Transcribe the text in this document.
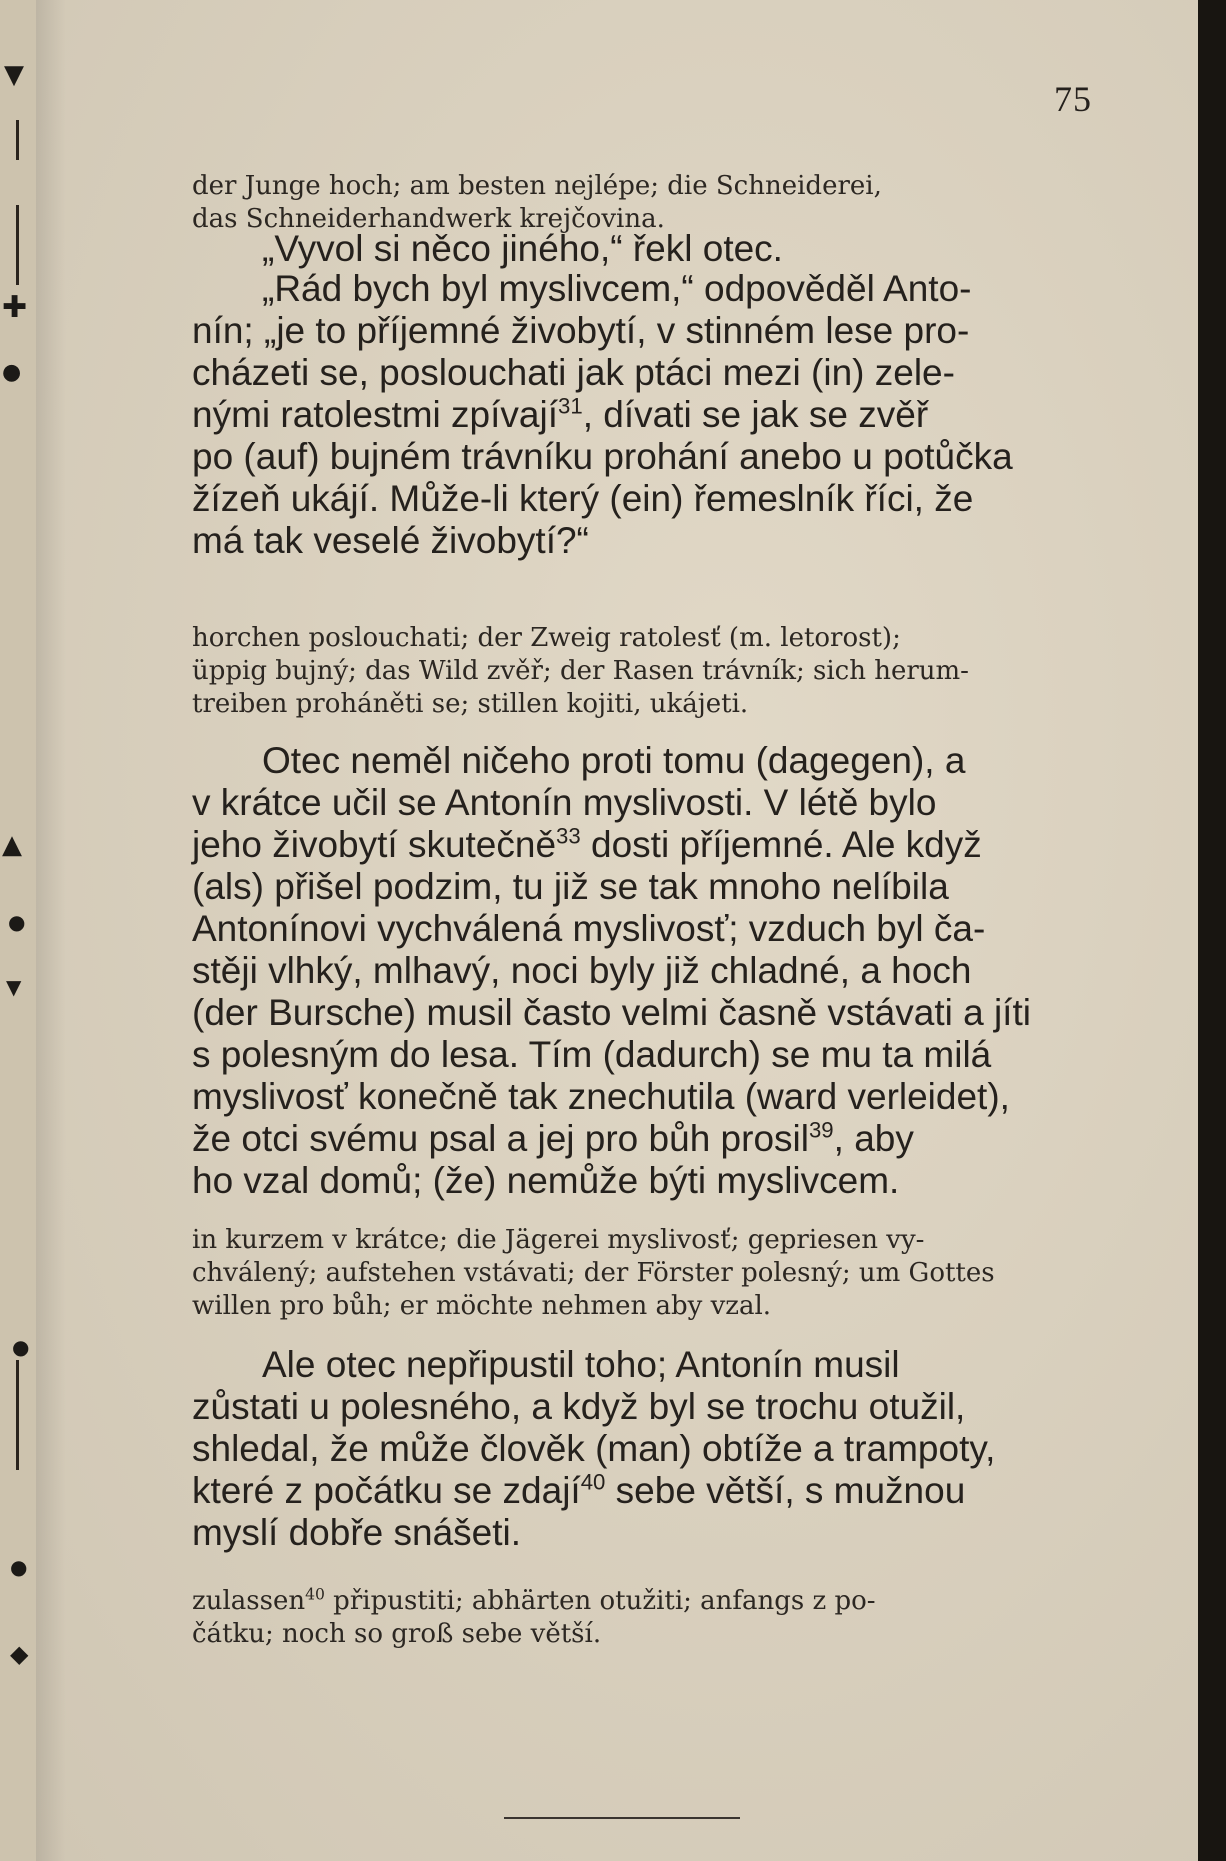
▼
✚
●
▲
●
▼
●
●
◆
75

der Junge hoch; am besten nejlépe; die Schneiderei,
das Schneiderhandwerk krejčovina.

„Vyvol si něco jiného,“ řekl otec.

„Rád bych byl myslivcem,“ odpověděl Anto-
nín; „je to příjemné živobytí, v stinném lese pro-
cházeti se, poslouchati jak ptáci mezi (in) zele-
nými ratolestmi zpívají$^{31}$, dívati se jak se zvěř
po (auf) bujném trávníku prohání anebo u potůčka
žízeň ukájí. Může-li který (ein) řemeslník říci, že
má tak veselé živobytí?“

horchen poslouchati; der Zweig ratolesť (m. letorost);
üppig bujný; das Wild zvěř; der Rasen trávník; sich herum-
treiben proháněti se; stillen kojiti, ukájeti.

Otec neměl ničeho proti tomu (dagegen), a
v krátce učil se Antonín myslivosti. V létě bylo
jeho živobytí skutečně$^{33}$ dosti příjemné. Ale když
(als) přišel podzim, tu již se tak mnoho nelíbila
Antonínovi vychválená myslivosť; vzduch byl ča-
stěji vlhký, mlhavý, noci byly již chladné, a hoch
(der Bursche) musil často velmi časně vstávati a jíti
s polesným do lesa. Tím (dadurch) se mu ta milá
myslivosť konečně tak znechutila (ward verleidet),
že otci svému psal a jej pro bůh prosil$^{39}$, aby
ho vzal domů; (že) nemůže býti myslivcem.

in kurzem v krátce; die Jägerei myslivosť; gepriesen vy-
chválený; aufstehen vstávati; der Förster polesný; um Gottes
willen pro bůh; er möchte nehmen aby vzal.

Ale otec nepřipustil toho; Antonín musil
zůstati u polesného, a když byl se trochu otužil,
shledal, že může člověk (man) obtíže a trampoty,
které z počátku se zdají$^{40}$ sebe větší, s mužnou
myslí dobře snášeti.

zulassen$^{40}$ připustiti; abhärten otužiti; anfangs z po-
čátku; noch so groß sebe větší.
